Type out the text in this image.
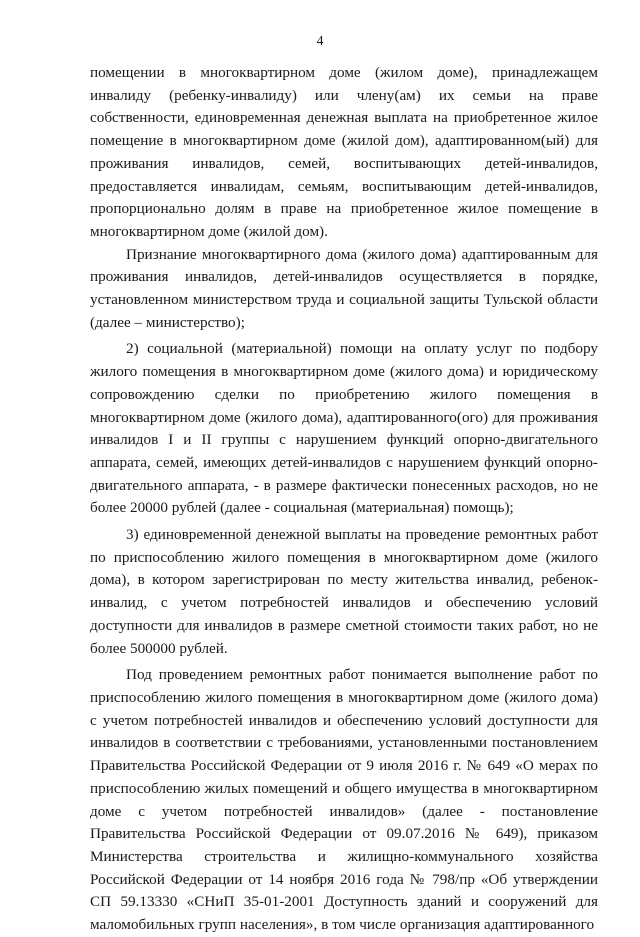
4

помещении в многоквартирном доме (жилом доме), принадлежащем инвалиду (ребенку-инвалиду) или члену(ам) их семьи на праве собственности, единовременная денежная выплата на приобретенное жилое помещение в многоквартирном доме (жилой дом), адаптированном(ый) для проживания инвалидов, семей, воспитывающих детей-инвалидов, предоставляется инвалидам, семьям, воспитывающим детей-инвалидов, пропорционально долям в праве на приобретенное жилое помещение в многоквартирном доме (жилой дом).

Признание многоквартирного дома (жилого дома) адаптированным для проживания инвалидов, детей-инвалидов осуществляется в порядке, установленном министерством труда и социальной защиты Тульской области (далее – министерство);

2) социальной (материальной) помощи на оплату услуг по подбору жилого помещения в многоквартирном доме (жилого дома) и юридическому сопровождению сделки по приобретению жилого помещения в многоквартирном доме (жилого дома), адаптированного(ого) для проживания инвалидов I и II группы с нарушением функций опорно-двигательного аппарата, семей, имеющих детей-инвалидов с нарушением функций опорно-двигательного аппарата, - в размере фактически понесенных расходов, но не более 20000 рублей (далее - социальная (материальная) помощь);

3) единовременной денежной выплаты на проведение ремонтных работ по приспособлению жилого помещения в многоквартирном доме (жилого дома), в котором зарегистрирован по месту жительства инвалид, ребенок-инвалид, с учетом потребностей инвалидов и обеспечению условий доступности для инвалидов в размере сметной стоимости таких работ, но не более 500000 рублей.

Под проведением ремонтных работ понимается выполнение работ по приспособлению жилого помещения в многоквартирном доме (жилого дома) с учетом потребностей инвалидов и обеспечению условий доступности для инвалидов в соответствии с требованиями, установленными постановлением Правительства Российской Федерации от 9 июля 2016 г. № 649 «О мерах по приспособлению жилых помещений и общего имущества в многоквартирном доме с учетом потребностей инвалидов» (далее - постановление Правительства Российской Федерации от 09.07.2016 № 649), приказом Министерства строительства и жилищно-коммунального хозяйства Российской Федерации от 14 ноября 2016 года № 798/пр «Об утверждении СП 59.13330 «СНиП 35-01-2001 Доступность зданий и сооружений для маломобильных групп населения», в том числе организация адаптированного
